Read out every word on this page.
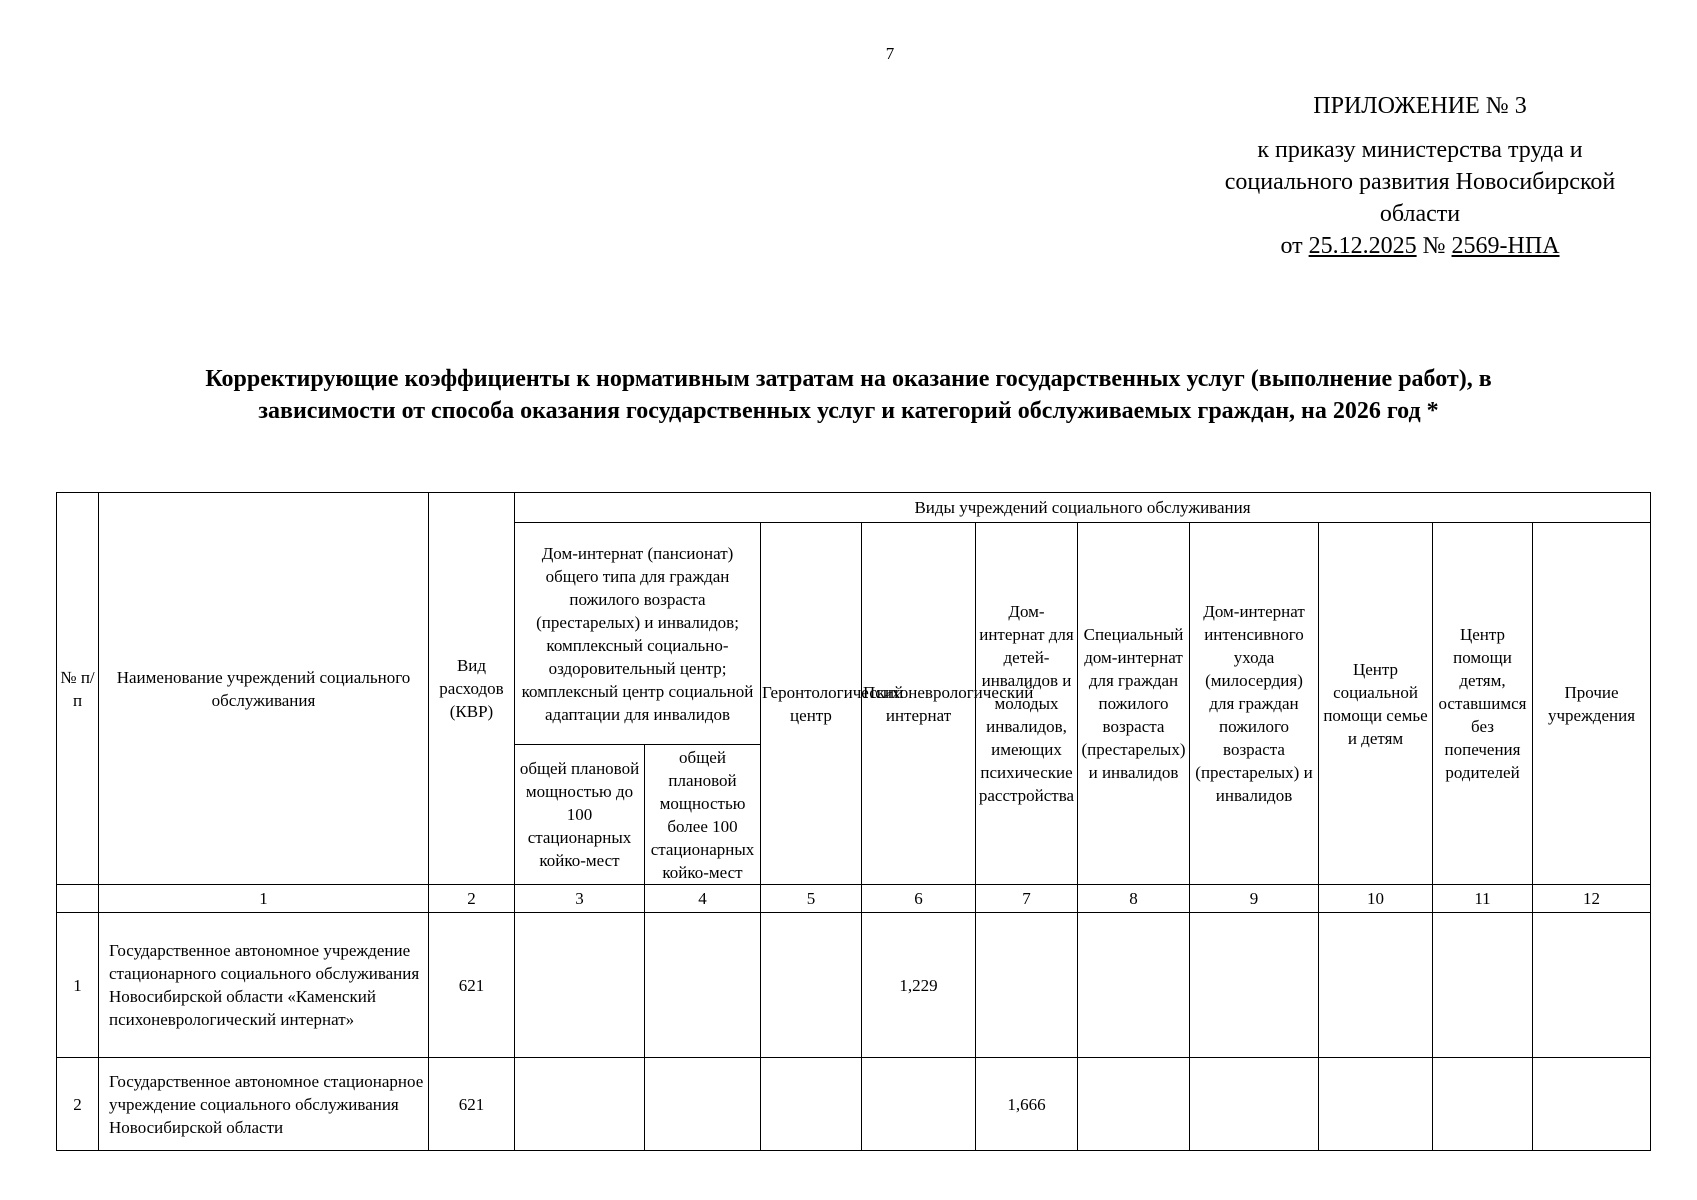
7
ПРИЛОЖЕНИЕ № 3
к приказу министерства труда и
социального развития Новосибирской
области
от 25.12.2025 № 2569-НПА
Корректирующие коэффициенты к нормативным затратам на оказание государственных услуг (выполнение работ), в
зависимости от способа оказания государственных услуг и категорий обслуживаемых граждан, на 2026 год *
№ п/п	Наименование учреждений социального обслуживания	Вид расходов (КВР)	Виды учреждений социального обслуживания									
			Дом-интернат (пансионат) общего типа для граждан пожилого возраста (престарелых) и инвалидов; комплексный социально-оздоровительный центр; комплексный центр социальной адаптации для инвалидов		Геронтологический центр	Психоневрологический интернат	Дом-интернат для детей-инвалидов и молодых инвалидов, имеющих психические расстройства	Специальный дом-интернат для граждан пожилого возраста (престарелых) и инвалидов	Дом-интернат интенсивного ухода (милосердия) для граждан пожилого возраста (престарелых) и инвалидов	Центр социальной помощи семье и детям	Центр помощи детям, оставшимся без попечения родителей	Прочие учреждения
			общей плановой мощностью до 100 стационарных койко-мест	общей плановой мощностью более 100 стационарных койко-мест								
	1	2	3	4	5	6	7	8	9	10	11	12
1	Государственное автономное учреждение стационарного социального обслуживания Новосибирской области «Каменский психоневрологический интернат»	621				1,229						
2	Государственное автономное стационарное учреждение социального обслуживания Новосибирской области	621					1,666					
